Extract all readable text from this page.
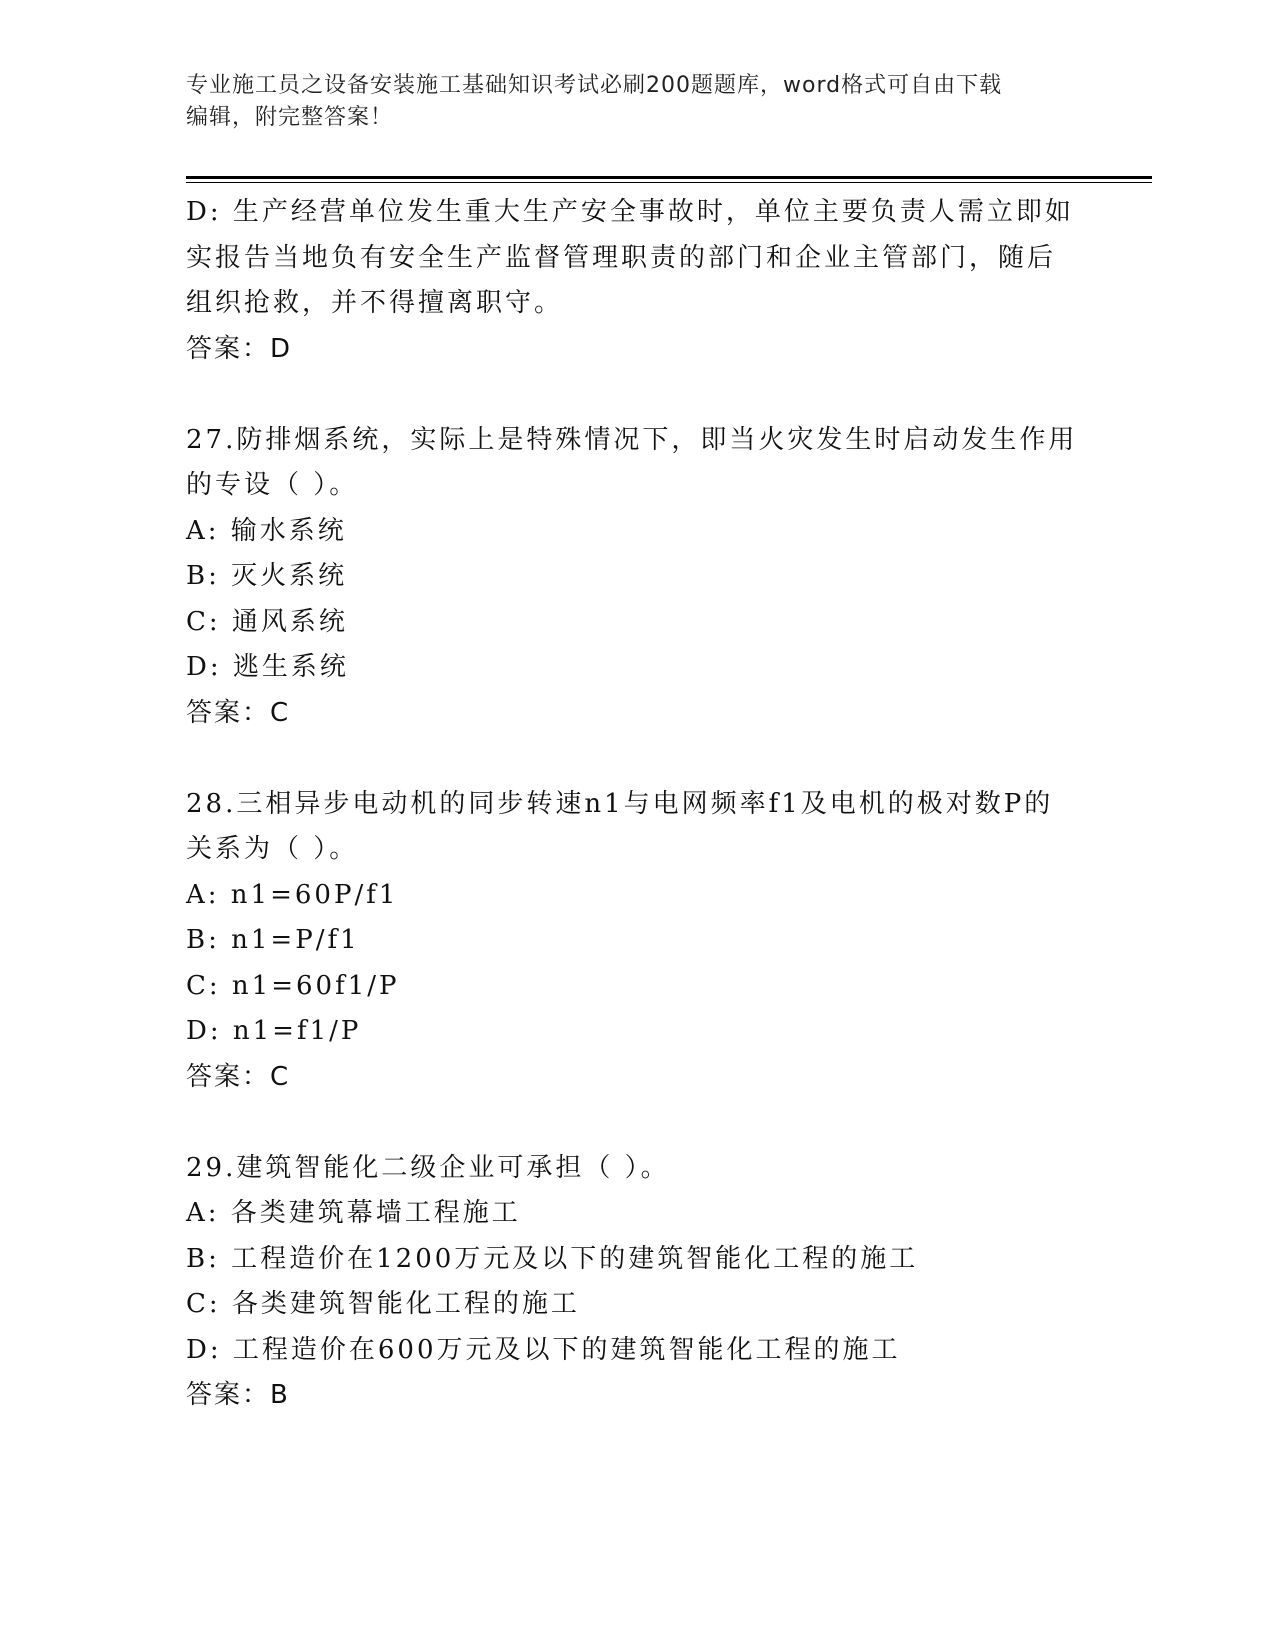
专业施工员之设备安装施工基础知识考试必刷200题题库，word格式可自由下载
编辑，附完整答案！
D: 生产经营单位发生重大生产安全事故时，单位主要负责人需立即如
实报告当地负有安全生产监督管理职责的部门和企业主管部门，随后
组织抢救，并不得擅离职守。
答案：D
27.防排烟系统，实际上是特殊情况下，即当火灾发生时启动发生作用
的专设（ ）。
A: 输水系统
B: 灭火系统
C: 通风系统
D: 逃生系统
答案：C
28.三相异步电动机的同步转速n1与电网频率f1及电机的极对数P的
关系为（ ）。
A: n1=60P/f1
B: n1=P/f1
C: n1=60f1/P
D: n1=f1/P
答案：C
29.建筑智能化二级企业可承担（ ）。
A: 各类建筑幕墙工程施工
B: 工程造价在1200万元及以下的建筑智能化工程的施工
C: 各类建筑智能化工程的施工
D: 工程造价在600万元及以下的建筑智能化工程的施工
答案：B
